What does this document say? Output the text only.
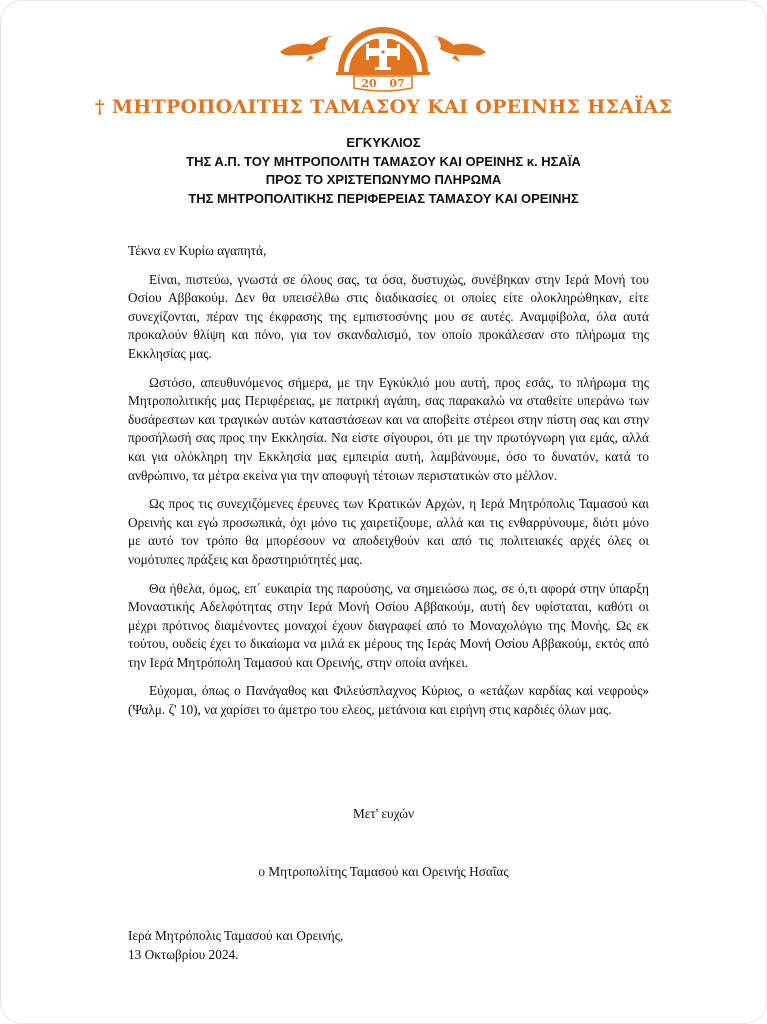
20 07
† ΜΗΤΡΟΠΟΛΙΤΗΣ ΤΑΜΑΣΟΥ ΚΑΙ ΟΡΕΙΝΗΣ ΗΣΑΪΑΣ
ΕΓΚΥΚΛΙΟΣ
ΤΗΣ Α.Π. ΤΟΥ ΜΗΤΡΟΠΟΛΙΤΗ ΤΑΜΑΣΟΥ ΚΑΙ ΟΡΕΙΝΗΣ κ. ΗΣΑΪΑ
ΠΡΟΣ ΤΟ ΧΡΙΣΤΕΠΩΝΥΜΟ ΠΛΗΡΩΜΑ
ΤΗΣ ΜΗΤΡΟΠΟΛΙΤΙΚΗΣ ΠΕΡΙΦΕΡΕΙΑΣ ΤΑΜΑΣΟΥ ΚΑΙ ΟΡΕΙΝΗΣ

Τέκνα εν Κυρίω αγαπητά,

Είναι, πιστεύω, γνωστά σε όλους σας, τα όσα, δυστυχώς, συνέβηκαν στην Ιερά Μονή του Οσίου Αββακούμ. Δεν θα υπεισέλθω στις διαδικασίες οι οποίες είτε ολοκληρώθηκαν, είτε συνεχίζονται, πέραν της έκφρασης της εμπιστοσύνης μου σε αυτές. Αναμφίβολα, όλα αυτά προκαλούν θλίψη και πόνο, για τον σκανδαλισμό, τον οποίο προκάλεσαν στο πλήρωμα της Εκκλησίας μας.

Ωστόσο, απευθυνόμενος σήμερα, με την Εγκύκλιό μου αυτή, προς εσάς, το πλήρωμα της Μητροπολιτικής μας Περιφέρειας, με πατρική αγάπη, σας παρακαλώ να σταθείτε υπεράνω των δυσάρεστων και τραγικών αυτών καταστάσεων και να αποβείτε στέρεοι στην πίστη σας και στην προσήλωσή σας προς την Εκκλησία. Να είστε σίγουροι, ότι με την πρωτόγνωρη για εμάς, αλλά και για ολόκληρη την Εκκλησία μας εμπειρία αυτή, λαμβάνουμε, όσο το δυνατόν, κατά το ανθρώπινο, τα μέτρα εκείνα για την αποφυγή τέτοιων περιστατικών στο μέλλον.

Ως προς τις συνεχιζόμενες έρευνες των Κρατικών Αρχών, η Ιερά Μητρόπολις Ταμασού και Ορεινής και εγώ προσωπικά, όχι μόνο τις χαιρετίζουμε, αλλά και τις ενθαρρύνουμε, διότι μόνο με αυτό τον τρόπο θα μπορέσουν να αποδειχθούν και από τις πολιτειακές αρχές όλες οι νομότυπες πράξεις και δραστηριότητές μας.

Θα ήθελα, όμως, επ΄ ευκαιρία της παρούσης, να σημειώσω πως, σε ό,τι αφορά στην ύπαρξη Μοναστικής Αδελφότητας στην Ιερά Μονή Οσίου Αββακούμ, αυτή δεν υφίσταται, καθότι οι μέχρι πρότινος διαμένοντες μοναχοί έχουν διαγραφεί από το Μοναχολόγιο της Μονής. Ως εκ τούτου, ουδείς έχει το δικαίωμα να μιλά εκ μέρους της Ιεράς Μονή Οσίου Αββακούμ, εκτός από την Ιερά Μητρόπολη Ταμασού και Ορεινής, στην οποία ανήκει.

Εύχομαι, όπως ο Πανάγαθος και Φιλεύσπλαχνος Κύριος, ο «ετάζων καρδίας καί νεφρούς» (Ψαλμ. ζ' 10), να χαρίσει το άμετρο του ελεος, μετάνοια και ειρήνη στις καρδιές όλων μας.

Μετ' ευχών
ο Μητροπολίτης Ταμασού και Ορεινής Ησαΐας
Ιερά Μητρόπολις Ταμασού και Ορεινής,
13 Οκτωβρίου 2024.
